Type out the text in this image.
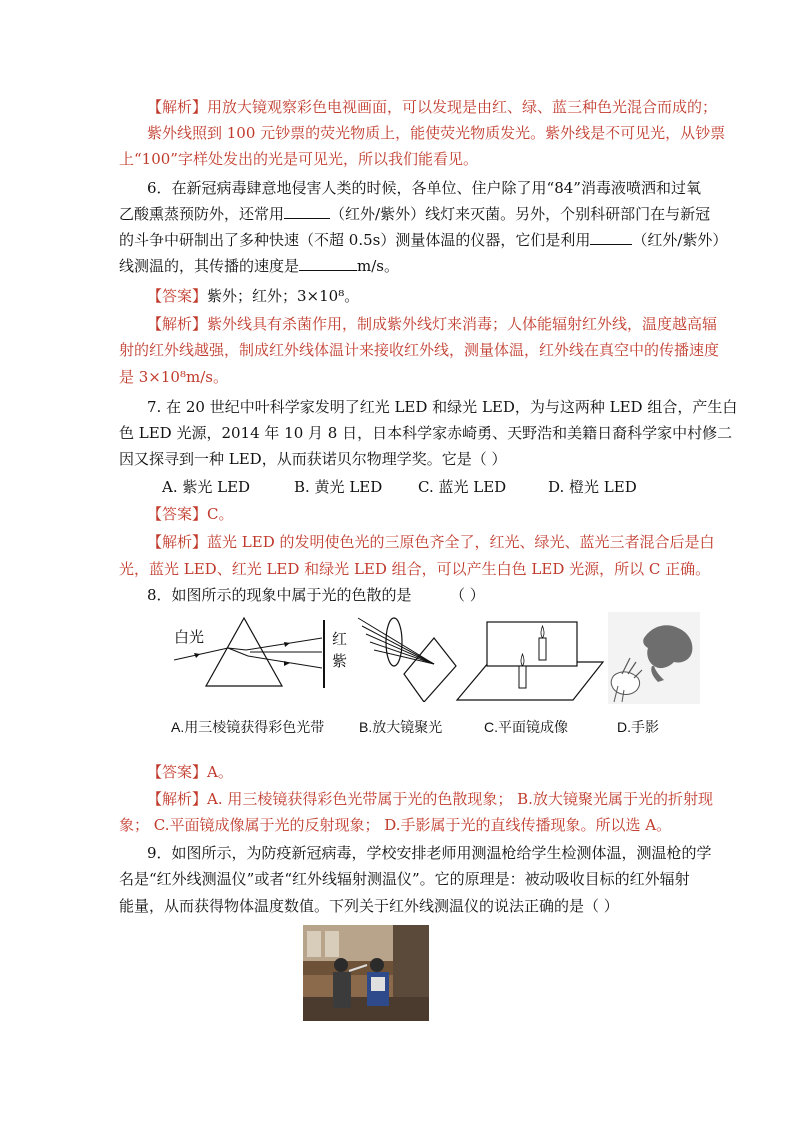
【解析】用放大镜观察彩色电视画面，可以发现是由红、绿、蓝三种色光混合而成的；
紫外线照到 100 元钞票的荧光物质上，能使荧光物质发光。紫外线是不可见光，从钞票
上“100”字样处发出的光是可见光，所以我们能看见。
6．在新冠病毒肆意地侵害人类的时候，各单位、住户除了用“84”消毒液喷洒和过氧
乙酸熏蒸预防外，还常用	（红外/紫外）线灯来灭菌。另外，个别科研部门在与新冠
的斗争中研制出了多种快速（不超 0.5s）测量体温的仪器，它们是利用	（红外/紫外）
线测温的，其传播的速度是	m/s。
【答案】紫外；红外；3×10⁸。
【解析】紫外线具有杀菌作用，制成紫外线灯来消毒；人体能辐射红外线，温度越高辐
射的红外线越强，制成红外线体温计来接收红外线，测量体温，红外线在真空中的传播速度
是 3×10⁸m/s。
7. 在 20 世纪中叶科学家发明了红光 LED 和绿光 LED，为与这两种 LED 组合，产生白
色 LED 光源，2014 年 10 月 8 日，日本科学家赤崎勇、天野浩和美籍日裔科学家中村修二
因又探寻到一种 LED，从而获诺贝尔物理学奖。它是（ ）
A. 紫光 LED	B. 黄光 LED C. 蓝光 LED	D. 橙光 LED
【答案】C。
【解析】蓝光 LED 的发明使色光的三原色齐全了，红光、绿光、蓝光三者混合后是白
光，蓝光 LED、红光 LED 和绿光 LED 组合，可以产生白色 LED 光源，所以 C 正确。
8．如图所示的现象中属于光的色散的是	（ ）
白光	红
紫
A.用三棱镜获得彩色光带 B.放大镜聚光	C.平面镜成像	D.手影
【答案】A。
【解析】A. 用三棱镜获得彩色光带属于光的色散现象； B.放大镜聚光属于光的折射现
象； C.平面镜成像属于光的反射现象； D.手影属于光的直线传播现象。所以选 A。
9．如图所示，为防疫新冠病毒，学校安排老师用测温枪给学生检测体温，测温枪的学
名是“红外线测温仪”或者“红外线辐射测温仪”。它的原理是：被动吸收目标的红外辐射
能量，从而获得物体温度数值。下列关于红外线测温仪的说法正确的是（ ）
